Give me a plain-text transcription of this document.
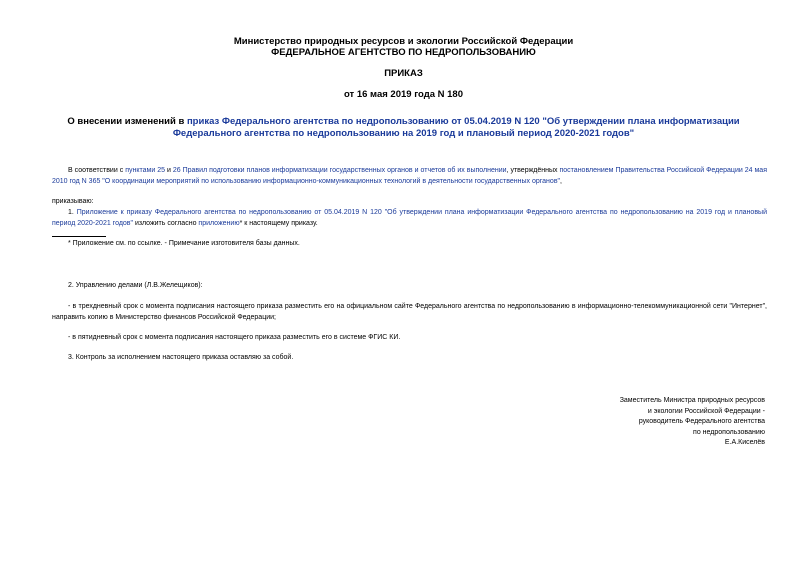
Министерство природных ресурсов и экологии Российской Федерации
ФЕДЕРАЛЬНОЕ АГЕНТСТВО ПО НЕДРОПОЛЬЗОВАНИЮ
ПРИКАЗ
от 16 мая 2019 года N 180
О внесении изменений в приказ Федерального агентства по недропользованию от 05.04.2019 N 120 "Об утверждении плана информатизации Федерального агентства по недропользованию на 2019 год и плановый период 2020-2021 годов"
В соответствии с пунктами 25 и 26 Правил подготовки планов информатизации государственных органов и отчетов об их выполнении, утверждённых постановлением Правительства Российской Федерации 24 мая 2010 год N 365 "О координации мероприятий по использованию информационно-коммуникационных технологий в деятельности государственных органов",
приказываю:
1. Приложение к приказу Федерального агентства по недропользованию от 05.04.2019 N 120 "Об утверждении плана информатизации Федерального агентства по недропользованию на 2019 год и плановый период 2020-2021 годов" изложить согласно приложению* к настоящему приказу.
* Приложение см. по ссылке. - Примечание изготовителя базы данных.
2. Управлению делами (Л.В.Желещиков):
- в трехдневный срок с момента подписания настоящего приказа разместить его на официальном сайте Федерального агентства по недропользованию в информационно-телекоммуникационной сети "Интернет", направить копию в Министерство финансов Российской Федерации;
- в пятидневный срок с момента подписания настоящего приказа разместить его в системе ФГИС КИ.
3. Контроль за исполнением настоящего приказа оставляю за собой.
Заместитель Министра природных ресурсов
и экологии Российской Федерации -
руководитель Федерального агентства
по недропользованию
Е.А.Киселёв
